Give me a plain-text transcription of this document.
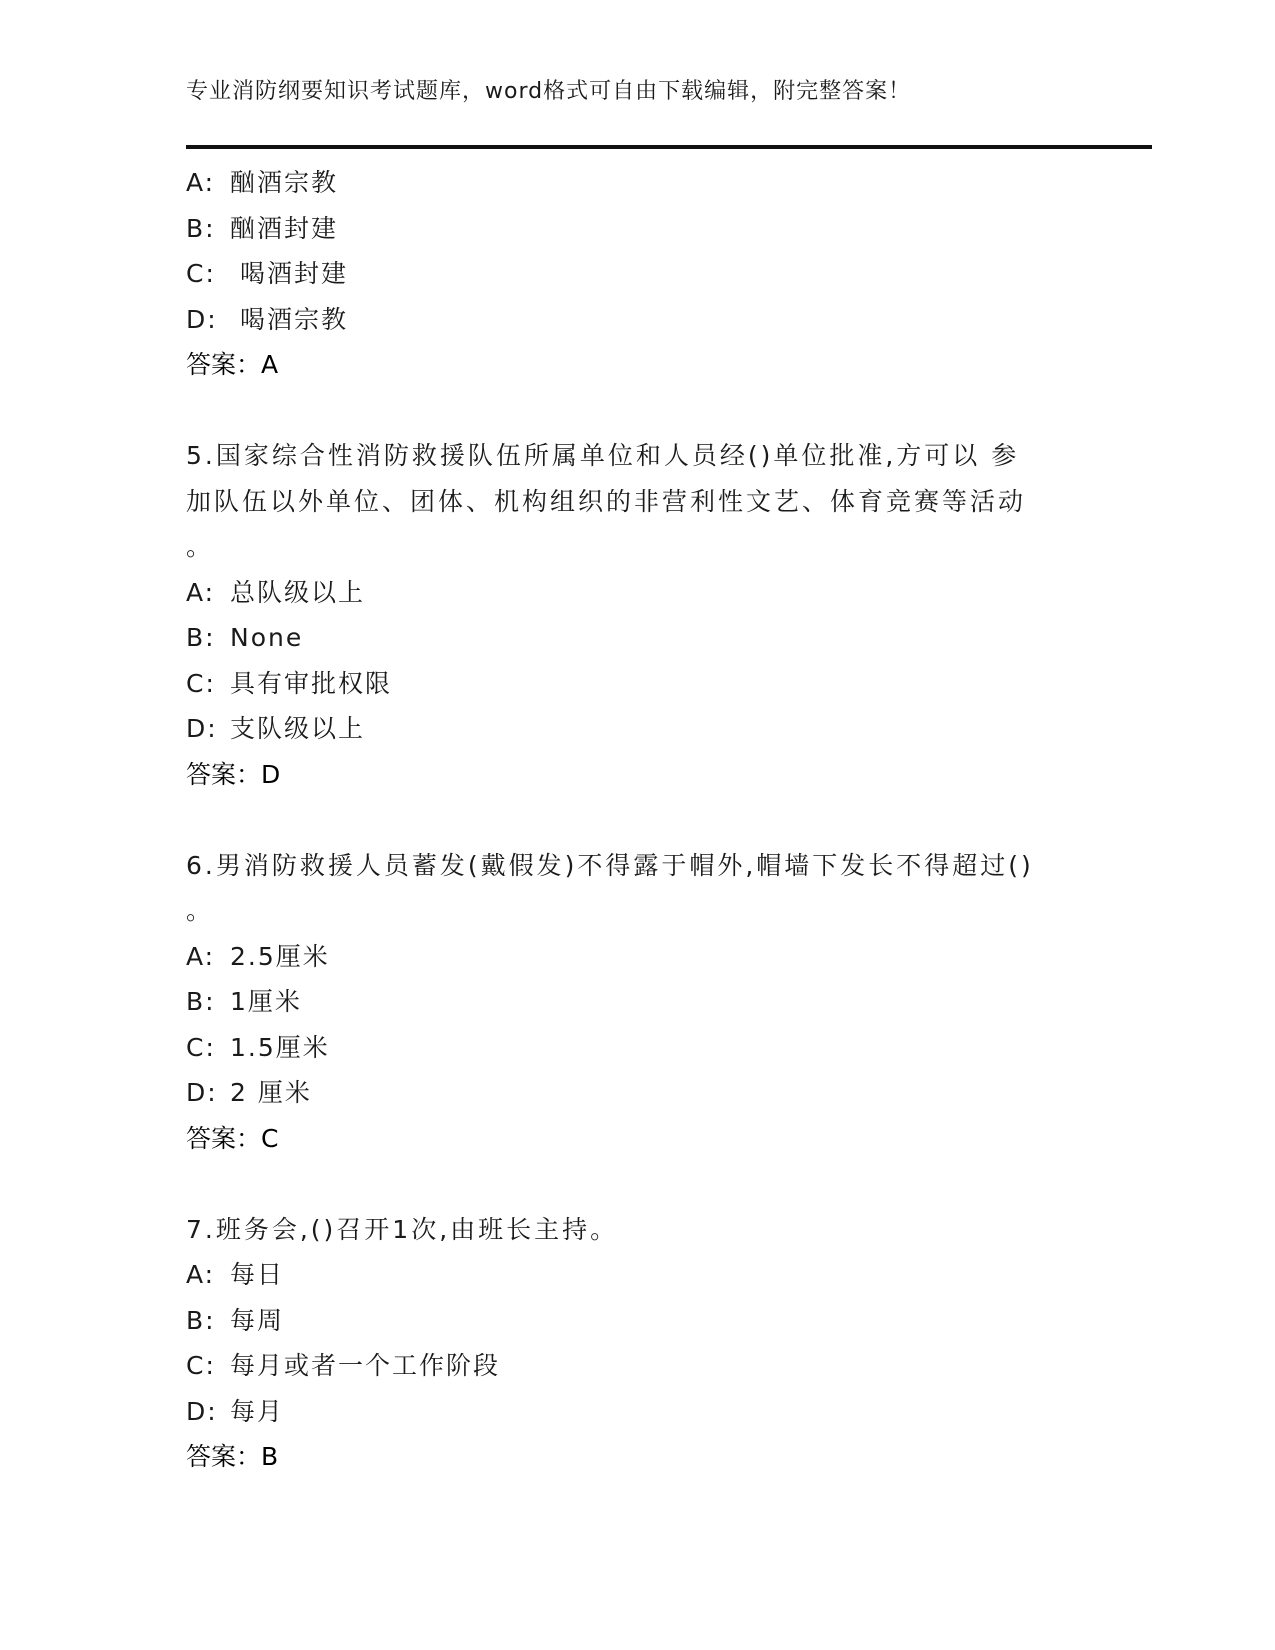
专业消防纲要知识考试题库，word格式可自由下载编辑，附完整答案！
A: 酗酒宗教
B: 酗酒封建
C: 喝酒封建
D: 喝酒宗教
答案：A
5.国家综合性消防救援队伍所属单位和人员经()单位批准,方可以 参
加队伍以外单位、团体、机构组织的非营利性文艺、体育竞赛等活动
。
A: 总队级以上
B: None
C: 具有审批权限
D: 支队级以上
答案：D
6.男消防救援人员蓄发(戴假发)不得露于帽外,帽墙下发长不得超过()
。
A: 2.5厘米
B: 1厘米
C: 1.5厘米
D: 2 厘米
答案：C
7.班务会,()召开1次,由班长主持。
A: 每日
B: 每周
C: 每月或者一个工作阶段
D: 每月
答案：B
